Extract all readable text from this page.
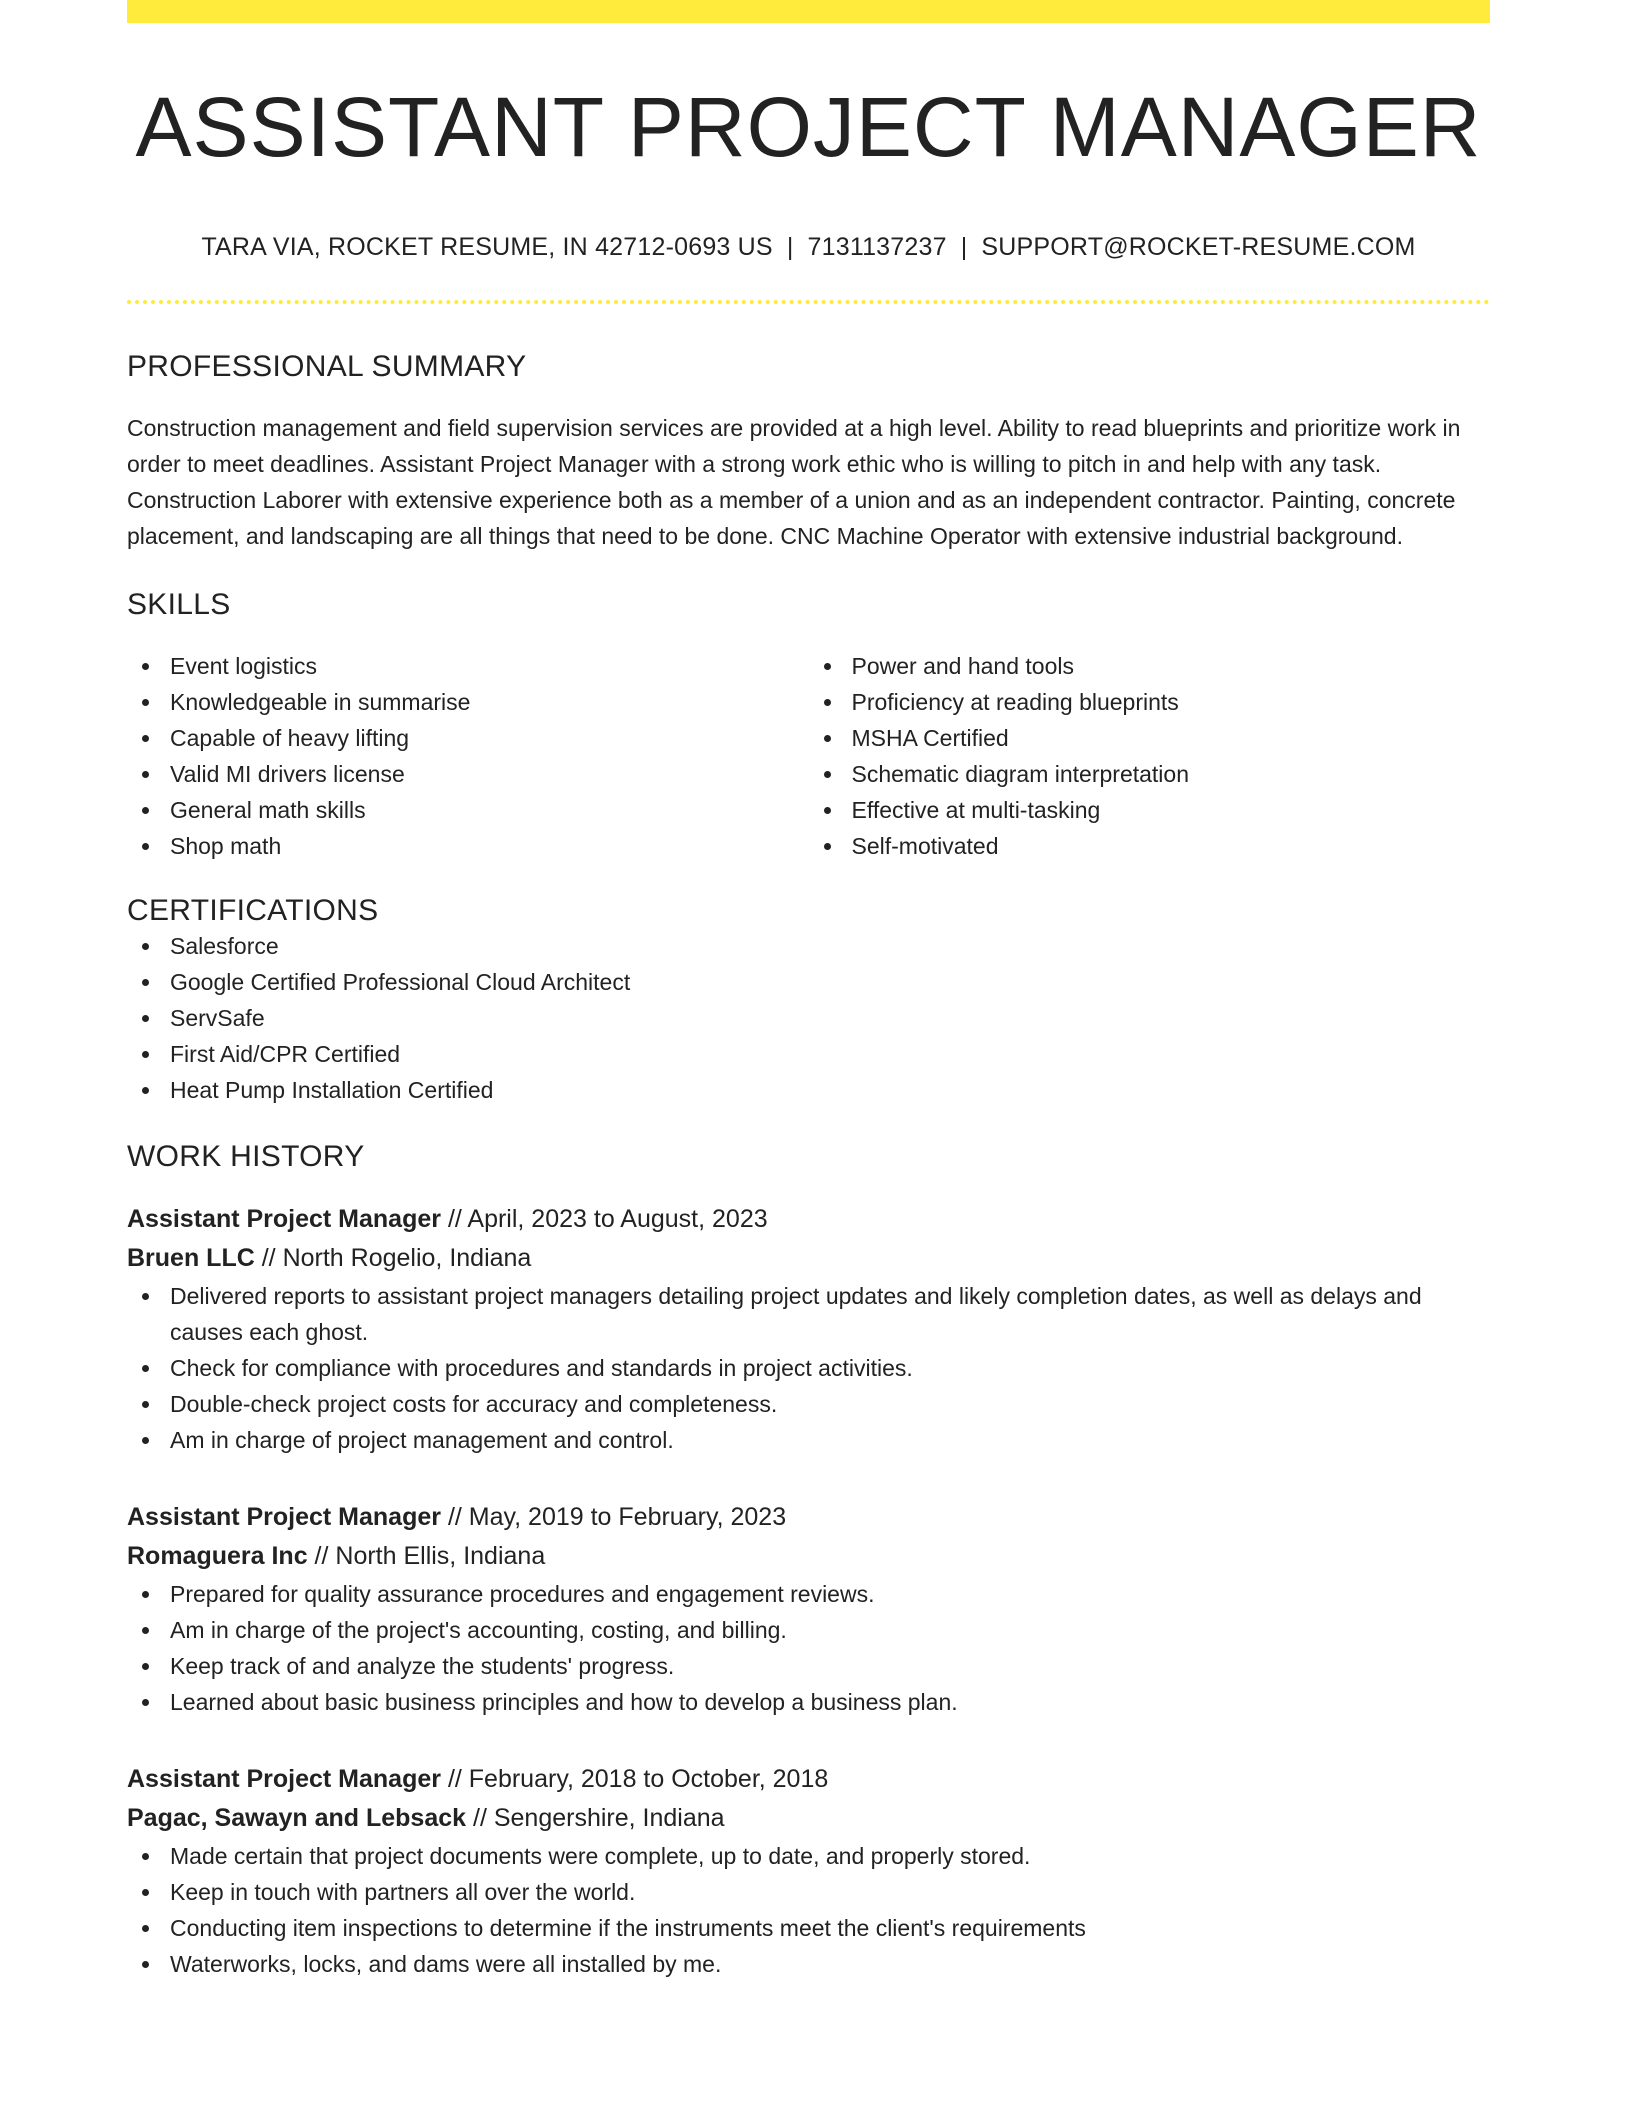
ASSISTANT PROJECT MANAGER
TARA VIA, ROCKET RESUME, IN 42712-0693 US | 7131137237 | SUPPORT@ROCKET-RESUME.COM
PROFESSIONAL SUMMARY

Construction management and field supervision services are provided at a high level. Ability to read blueprints and prioritize work in order to meet deadlines. Assistant Project Manager with a strong work ethic who is willing to pitch in and help with any task. Construction Laborer with extensive experience both as a member of a union and as an independent contractor. Painting, concrete placement, and landscaping are all things that need to be done. CNC Machine Operator with extensive industrial background.

SKILLS
Event logistics
Knowledgeable in summarise
Capable of heavy lifting
Valid MI drivers license
General math skills
Shop math
Power and hand tools
Proficiency at reading blueprints
MSHA Certified
Schematic diagram interpretation
Effective at multi-tasking
Self-motivated
CERTIFICATIONS
Salesforce
Google Certified Professional Cloud Architect
ServSafe
First Aid/CPR Certified
Heat Pump Installation Certified
WORK HISTORY
Assistant Project Manager // April, 2023 to August, 2023
Bruen LLC // North Rogelio, Indiana
Delivered reports to assistant project managers detailing project updates and likely completion dates, as well as delays and causes each ghost.
Check for compliance with procedures and standards in project activities.
Double-check project costs for accuracy and completeness.
Am in charge of project management and control.
Assistant Project Manager // May, 2019 to February, 2023
Romaguera Inc // North Ellis, Indiana
Prepared for quality assurance procedures and engagement reviews.
Am in charge of the project's accounting, costing, and billing.
Keep track of and analyze the students' progress.
Learned about basic business principles and how to develop a business plan.
Assistant Project Manager // February, 2018 to October, 2018
Pagac, Sawayn and Lebsack // Sengershire, Indiana
Made certain that project documents were complete, up to date, and properly stored.
Keep in touch with partners all over the world.
Conducting item inspections to determine if the instruments meet the client's requirements
Waterworks, locks, and dams were all installed by me.
